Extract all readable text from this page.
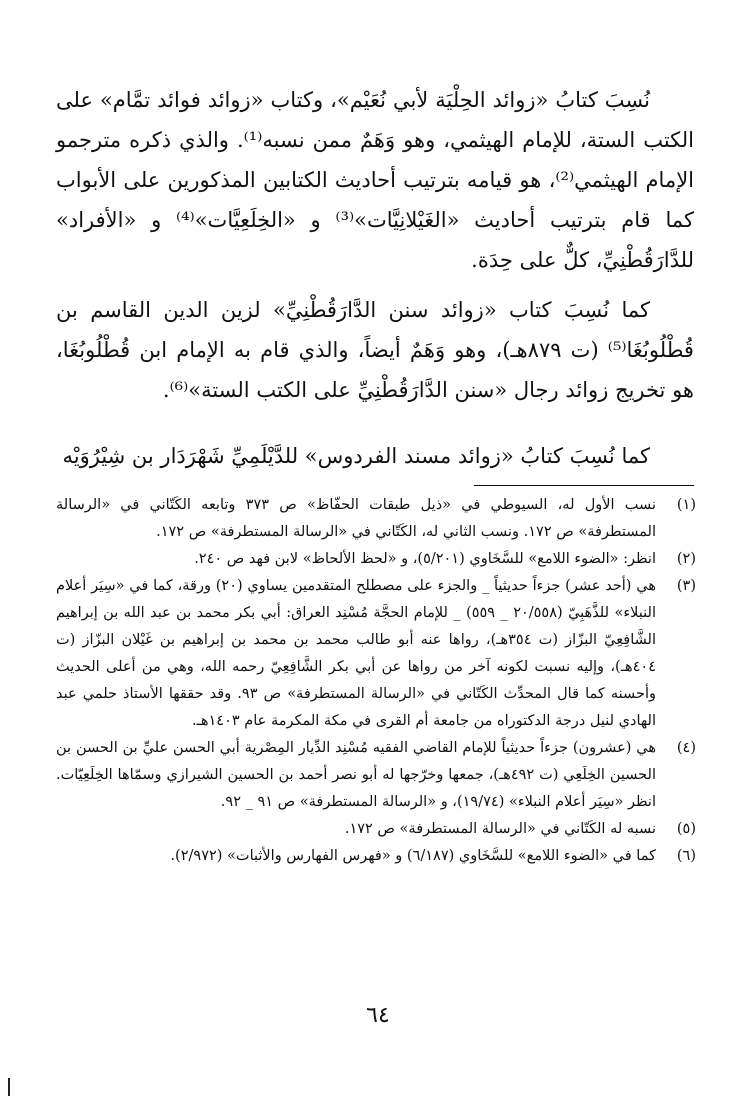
نُسِبَ كتابُ «زوائد الحِلْيَة لأبي نُعَيْم»، وكتاب «زوائد فوائد تمَّام» على الكتب الستة، للإمام الهيثمي، وهو وَهَمٌ ممن نسبه⁽¹⁾. والذي ذكره مترجمو الإمام الهيثمي⁽²⁾، هو قيامه بترتيب أحاديث الكتابين المذكورين على الأبواب كما قام بترتيب أحاديث «الغَيْلانِيَّات»⁽³⁾ و «الخِلَعِيَّات»⁽⁴⁾ و «الأفراد» للدَّارَقُطْنِيِّ، كلٌّ على حِدَة.

كما نُسِبَ كتاب «زوائد سنن الدَّارَقُطْنِيِّ» لزين الدين القاسم بن قُطْلُوبُغَا⁽⁵⁾ (ت ٨٧٩هـ)، وهو وَهَمٌ أيضاً، والذي قام به الإمام ابن قُطْلُوبُغَا، هو تخريج زوائد رجال «سنن الدَّارَقُطْنِيِّ على الكتب الستة»⁽⁶⁾.

كما نُسِبَ كتابُ «زوائد مسند الفردوس» للدَّيْلَمِيِّ شَهْرَدَار بن شِيْرُوَيْه

(١)
نسب الأول له، السيوطي في «ذيل طبقات الحفّاظ» ص ٣٧٣ وتابعه الكَتّاني في «الرسالة المستطرفة» ص ١٧٢. ونسب الثاني له، الكَتّاني في «الرسالة المستطرفة» ص ١٧٢.
(٢)
انظر: «الضوء اللامع» للسَّخَاوي (٥/٢٠١)، و «لحظ الألحاظ» لابن فهد ص ٢٤٠.
(٣)
هي (أحد عشر) جزءاً حديثياً _ والجزء على مصطلح المتقدمين يساوي (٢٠) ورقة، كما في «سِيَر أعلام النبلاء» للذَّهَبِيّ (٢٠/٥٥٨ _ ٥٥٩) _ للإمام الحجَّة مُسْنِد العراق: أبي بكر محمد بن عبد الله بن إبراهيم الشَّافِعِيّ البزّاز (ت ٣٥٤هـ)، رواها عنه أبو طالب محمد بن محمد بن إبراهيم بن غَيْلان البزّاز (ت ٤٠٤هـ)، وإليه نسبت لكونه آخر من رواها عن أبي بكر الشَّافِعِيّ رحمه الله، وهي من أعلى الحديث وأحسنه كما قال المحدِّث الكَتّاني في «الرسالة المستطرفة» ص ٩٣. وقد حققها الأستاذ حلمي عبد الهادي لنيل درجة الدكتوراه من جامعة أم القرى في مكة المكرمة عام ١٤٠٣هـ.
(٤)
هي (عشرون) جزءاً حديثياً للإمام القاضي الفقيه مُسْنِد الدِّيار المِصْرية أبي الحسن عليِّ بن الحسن بن الحسين الخِلَعِي (ت ٤٩٢هـ)، جمعها وخرّجها له أبو نصر أحمد بن الحسين الشيرازي وسمّاها الخِلَعِيّات. انظر «سِيَر أعلام النبلاء» (١٩/٧٤)، و «الرسالة المستطرفة» ص ٩١ _ ٩٢.
(٥)
نسبه له الكَتّاني في «الرسالة المستطرفة» ص ١٧٢.
(٦)
كما في «الضوء اللامع» للسَّخَاوي (٦/١٨٧) و «فهرس الفهارس والأثبات» (٢/٩٧٢).
٦٤
